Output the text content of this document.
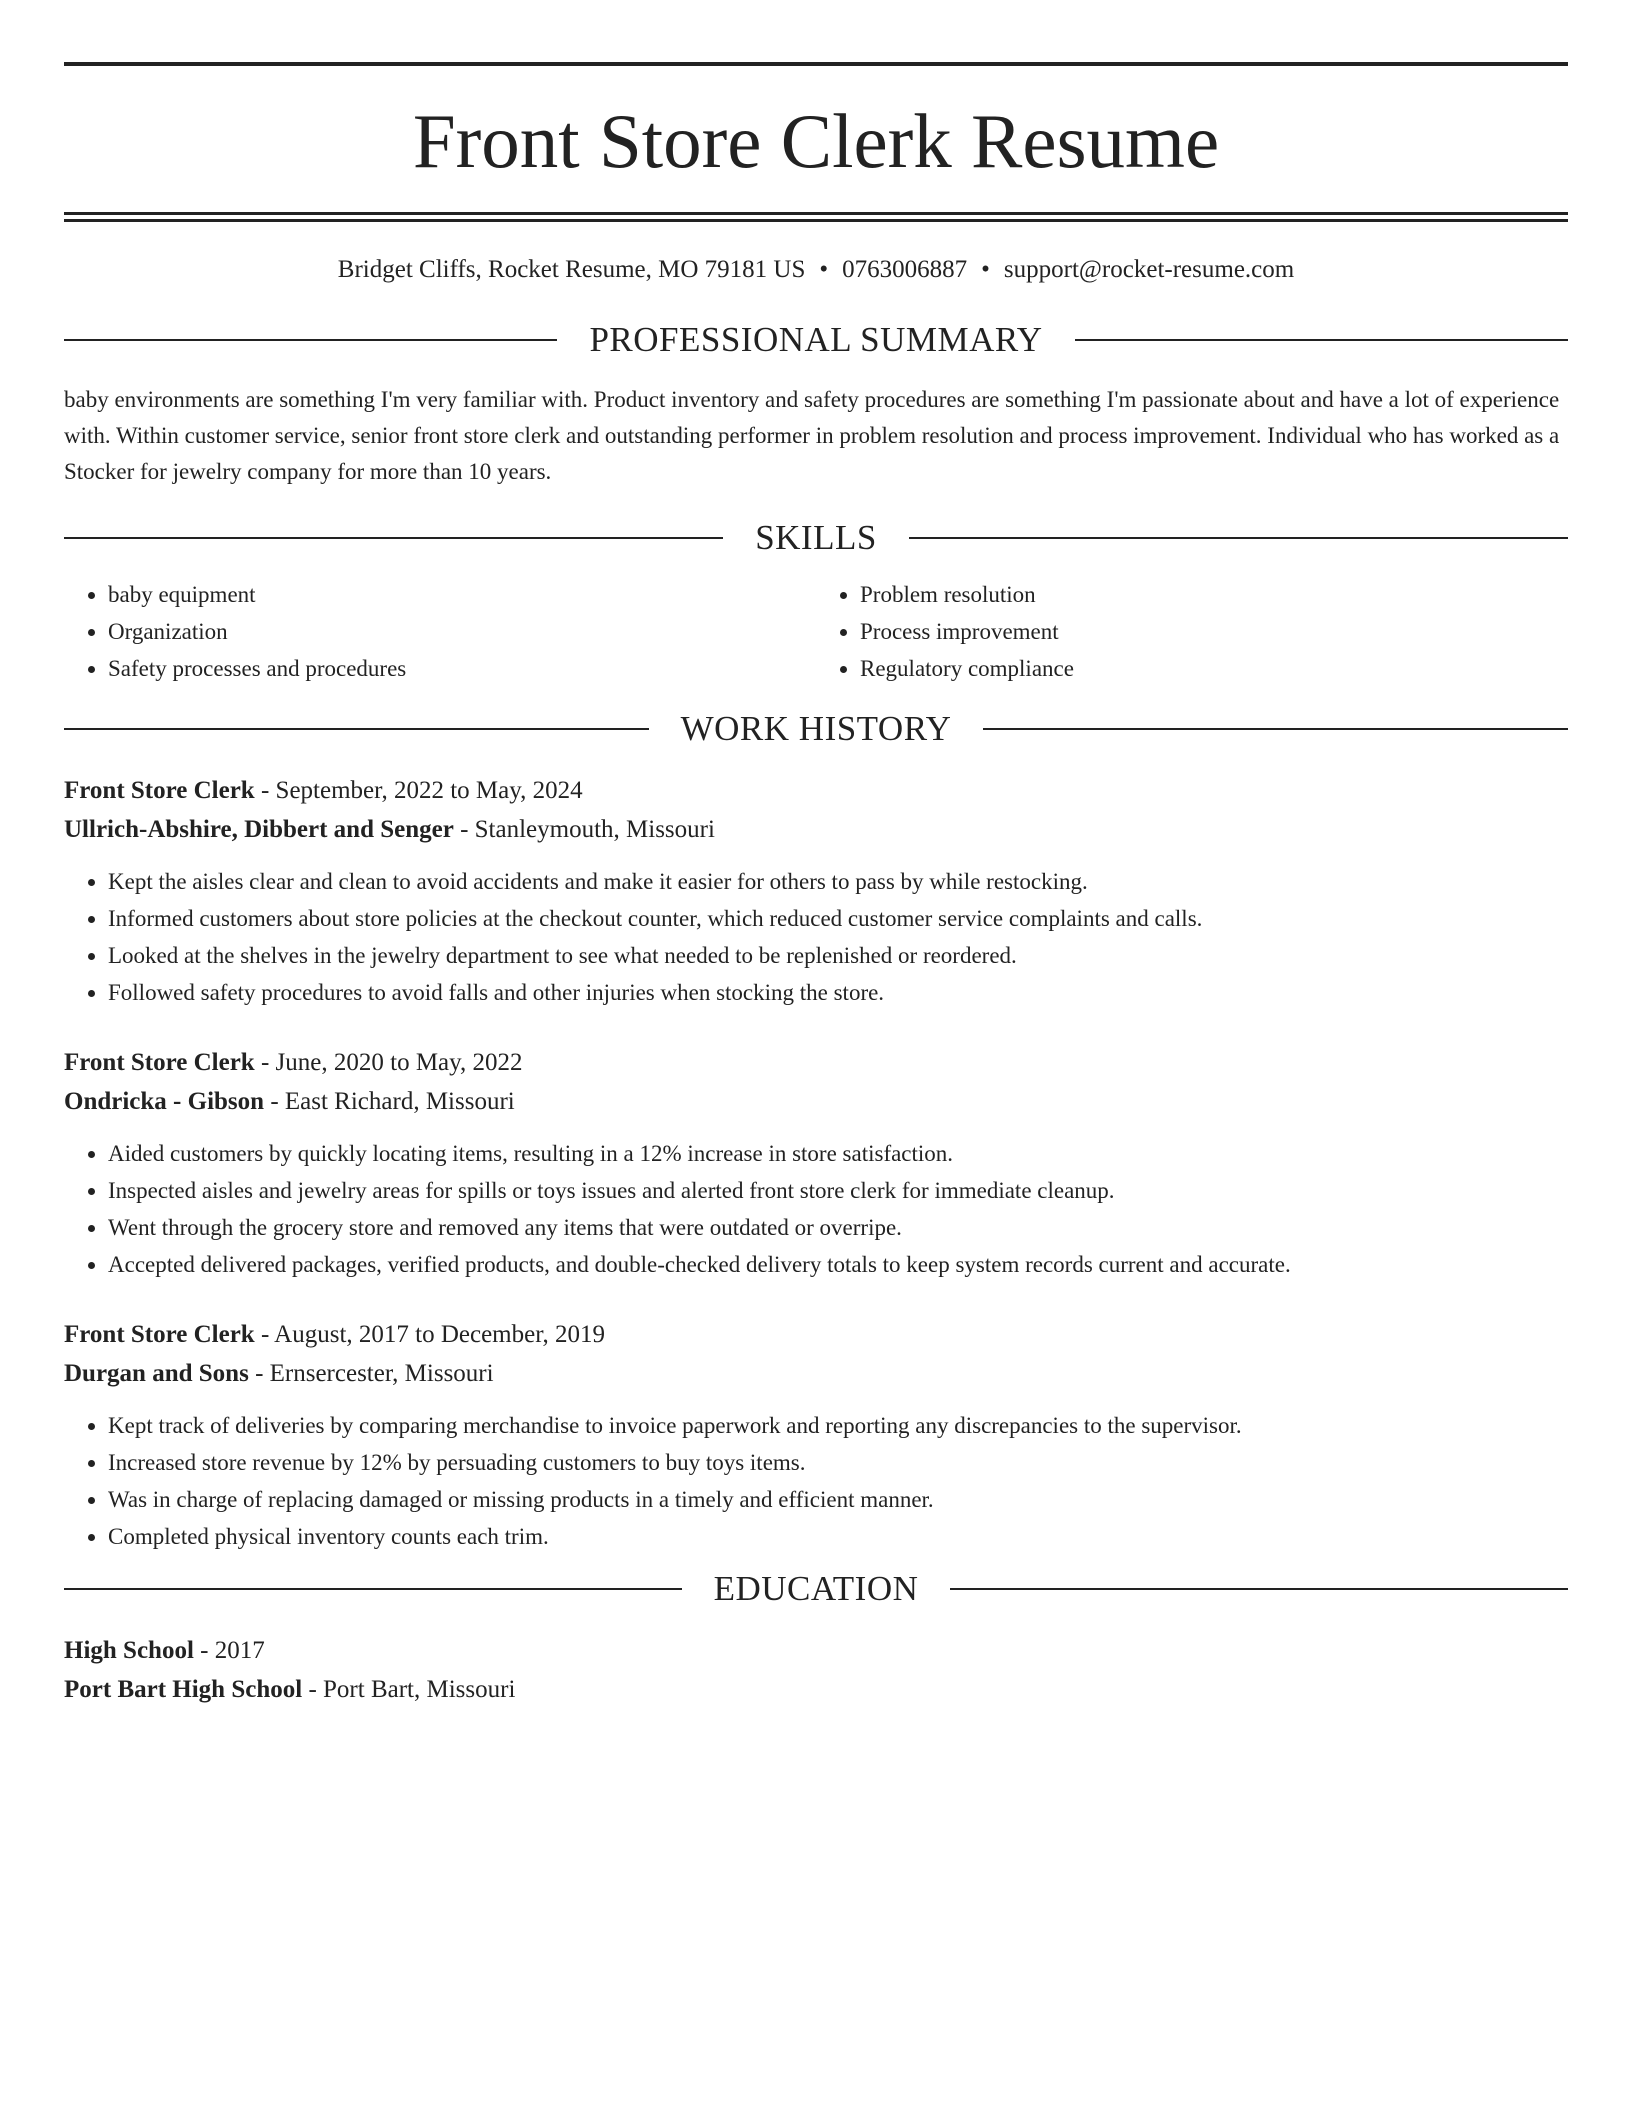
Front Store Clerk Resume
Bridget Cliffs, Rocket Resume, MO 79181 US • 0763006887 • support@rocket-resume.com
PROFESSIONAL SUMMARY

baby environments are something I'm very familiar with. Product inventory and safety procedures are something I'm passionate about and have a lot of experience with. Within customer service, senior front store clerk and outstanding performer in problem resolution and process improvement. Individual who has worked as a Stocker for jewelry company for more than 10 years.

SKILLS
• baby equipment
• Organization
• Safety processes and procedures
• Problem resolution
• Process improvement
• Regulatory compliance
WORK HISTORY
Front Store Clerk - September, 2022 to May, 2024
Ullrich-Abshire, Dibbert and Senger - Stanleymouth, Missouri
• Kept the aisles clear and clean to avoid accidents and make it easier for others to pass by while restocking.
• Informed customers about store policies at the checkout counter, which reduced customer service complaints and calls.
• Looked at the shelves in the jewelry department to see what needed to be replenished or reordered.
• Followed safety procedures to avoid falls and other injuries when stocking the store.
Front Store Clerk - June, 2020 to May, 2022
Ondricka - Gibson - East Richard, Missouri
• Aided customers by quickly locating items, resulting in a 12% increase in store satisfaction.
• Inspected aisles and jewelry areas for spills or toys issues and alerted front store clerk for immediate cleanup.
• Went through the grocery store and removed any items that were outdated or overripe.
• Accepted delivered packages, verified products, and double-checked delivery totals to keep system records current and accurate.
Front Store Clerk - August, 2017 to December, 2019
Durgan and Sons - Ernsercester, Missouri
• Kept track of deliveries by comparing merchandise to invoice paperwork and reporting any discrepancies to the supervisor.
• Increased store revenue by 12% by persuading customers to buy toys items.
• Was in charge of replacing damaged or missing products in a timely and efficient manner.
• Completed physical inventory counts each trim.
EDUCATION
High School - 2017
Port Bart High School - Port Bart, Missouri
